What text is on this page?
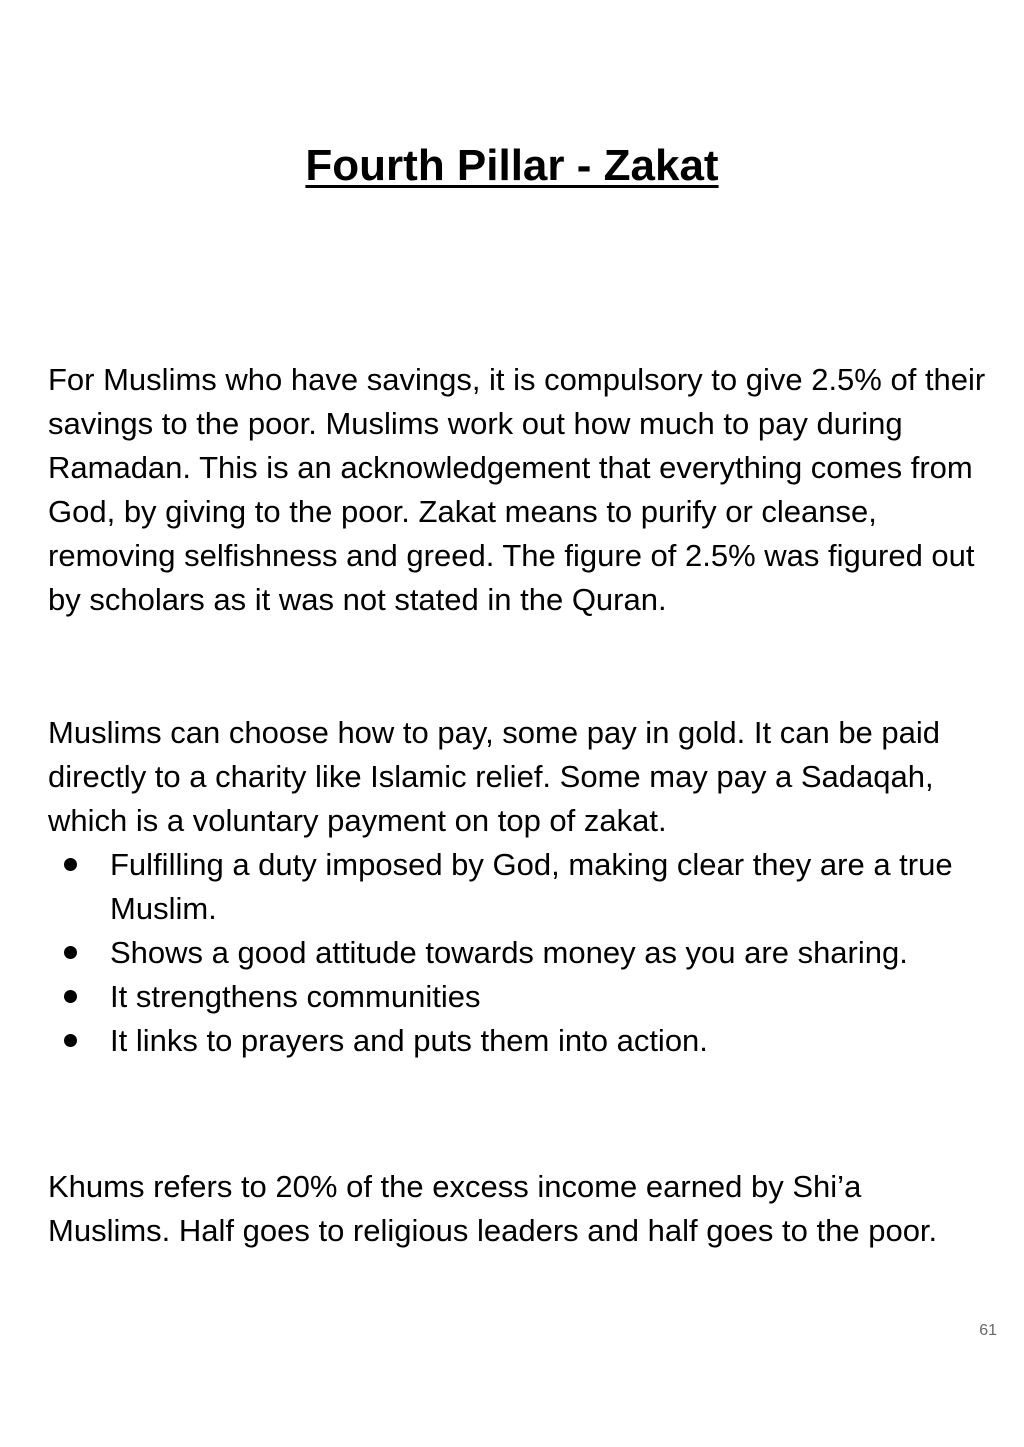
Fourth Pillar - Zakat

For Muslims who have savings, it is compulsory to give 2.5% of their savings to the poor. Muslims work out how much to pay during Ramadan. This is an acknowledgement that everything comes from God, by giving to the poor. Zakat means to purify or cleanse, removing selfishness and greed. The figure of 2.5% was figured out by scholars as it was not stated in the Quran.

Muslims can choose how to pay, some pay in gold. It can be paid directly to a charity like Islamic relief. Some may pay a Sadaqah, which is a voluntary payment on top of zakat.

Fulfilling a duty imposed by God, making clear they are a true Muslim.
Shows a good attitude towards money as you are sharing.
It strengthens communities
It links to prayers and puts them into action.

Khums refers to 20% of the excess income earned by Shi’a Muslims. Half goes to religious leaders and half goes to the poor.

61
